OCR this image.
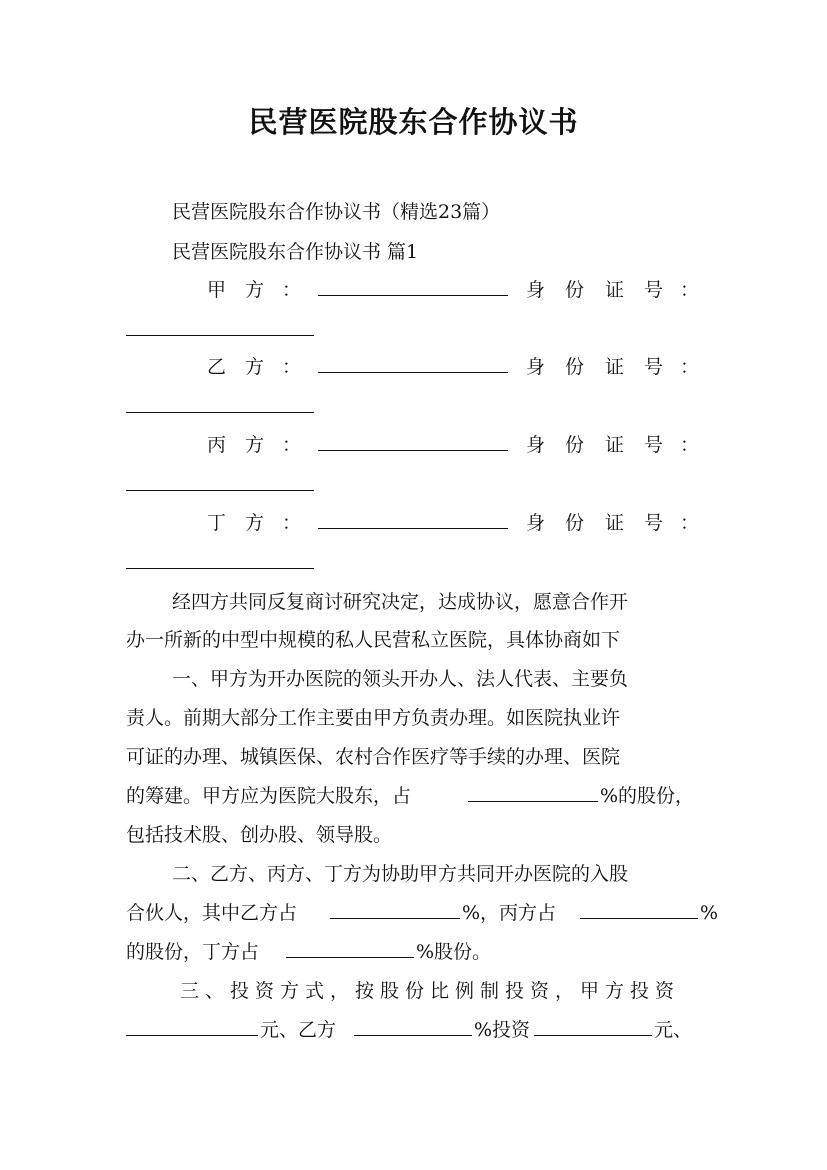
民营医院股东合作协议书
民营医院股东合作协议书（精选23篇）
民营医院股东合作协议书 篇1
甲 方 ：	身 份 证 号 ：
乙 方 ：	身 份 证 号 ：
丙 方 ：	身 份 证 号 ：
丁 方 ：	身 份 证 号 ：
经四方共同反复商讨研究决定，达成协议，愿意合作开
办一所新的中型中规模的私人民营私立医院，具体协商如下
一、甲方为开办医院的领头开办人、法人代表、主要负
责人。前期大部分工作主要由甲方负责办理。如医院执业许
可证的办理、城镇医保、农村合作医疗等手续的办理、医院
的筹建。甲方应为医院大股东，占	%的股份，
包括技术股、创办股、领导股。
二、乙方、丙方、丁方为协助甲方共同开办医院的入股
合伙人，其中乙方占	%，丙方占	%
的股份，丁方占	%股份。
三、投资方式，按股份比例制投资，甲方投资
元、乙方	%投资	元、
